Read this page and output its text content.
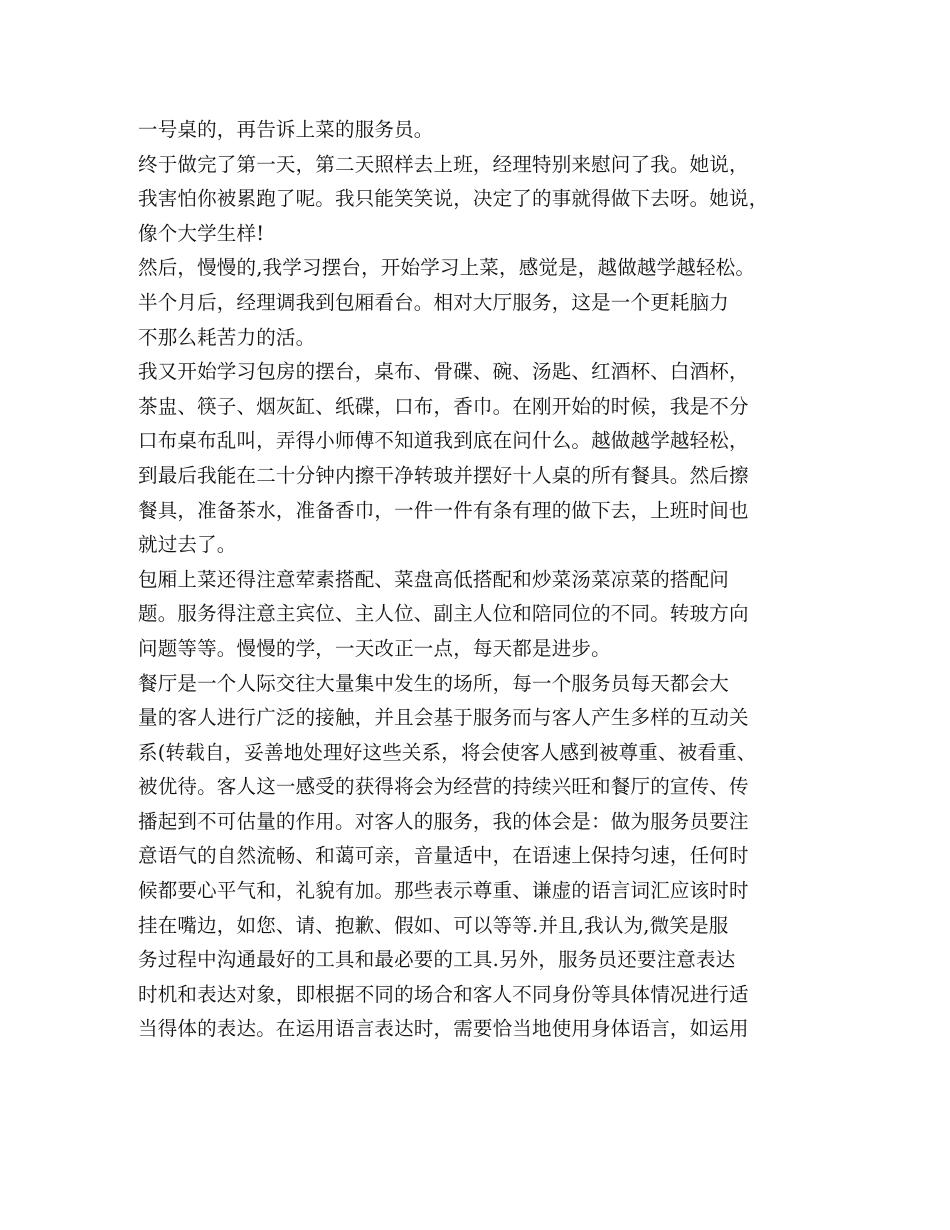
一号桌的，再告诉上菜的服务员。
终于做完了第一天，第二天照样去上班，经理特别来慰问了我。她说，
我害怕你被累跑了呢。我只能笑笑说，决定了的事就得做下去呀。她说，
像个大学生样!
然后，慢慢的,我学习摆台，开始学习上菜，感觉是，越做越学越轻松。
半个月后，经理调我到包厢看台。相对大厅服务，这是一个更耗脑力
不那么耗苦力的活。
我又开始学习包房的摆台，桌布、骨碟、碗、汤匙、红酒杯、白酒杯，
茶盅、筷子、烟灰缸、纸碟，口布，香巾。在刚开始的时候，我是不分
口布桌布乱叫，弄得小师傅不知道我到底在问什么。越做越学越轻松，
到最后我能在二十分钟内擦干净转玻并摆好十人桌的所有餐具。然后擦
餐具，准备茶水，准备香巾，一件一件有条有理的做下去，上班时间也
就过去了。
包厢上菜还得注意荤素搭配、菜盘高低搭配和炒菜汤菜凉菜的搭配问
题。服务得注意主宾位、主人位、副主人位和陪同位的不同。转玻方向
问题等等。慢慢的学，一天改正一点，每天都是进步。
餐厅是一个人际交往大量集中发生的场所，每一个服务员每天都会大
量的客人进行广泛的接触，并且会基于服务而与客人产生多样的互动关
系(转载自，妥善地处理好这些关系，将会使客人感到被尊重、被看重、
被优待。客人这一感受的获得将会为经营的持续兴旺和餐厅的宣传、传
播起到不可估量的作用。对客人的服务，我的体会是：做为服务员要注
意语气的自然流畅、和蔼可亲，音量适中，在语速上保持匀速，任何时
候都要心平气和，礼貌有加。那些表示尊重、谦虚的语言词汇应该时时
挂在嘴边，如您、请、抱歉、假如、可以等等.并且,我认为,微笑是服
务过程中沟通最好的工具和最必要的工具.另外，服务员还要注意表达
时机和表达对象，即根据不同的场合和客人不同身份等具体情况进行适
当得体的表达。在运用语言表达时，需要恰当地使用身体语言，如运用
